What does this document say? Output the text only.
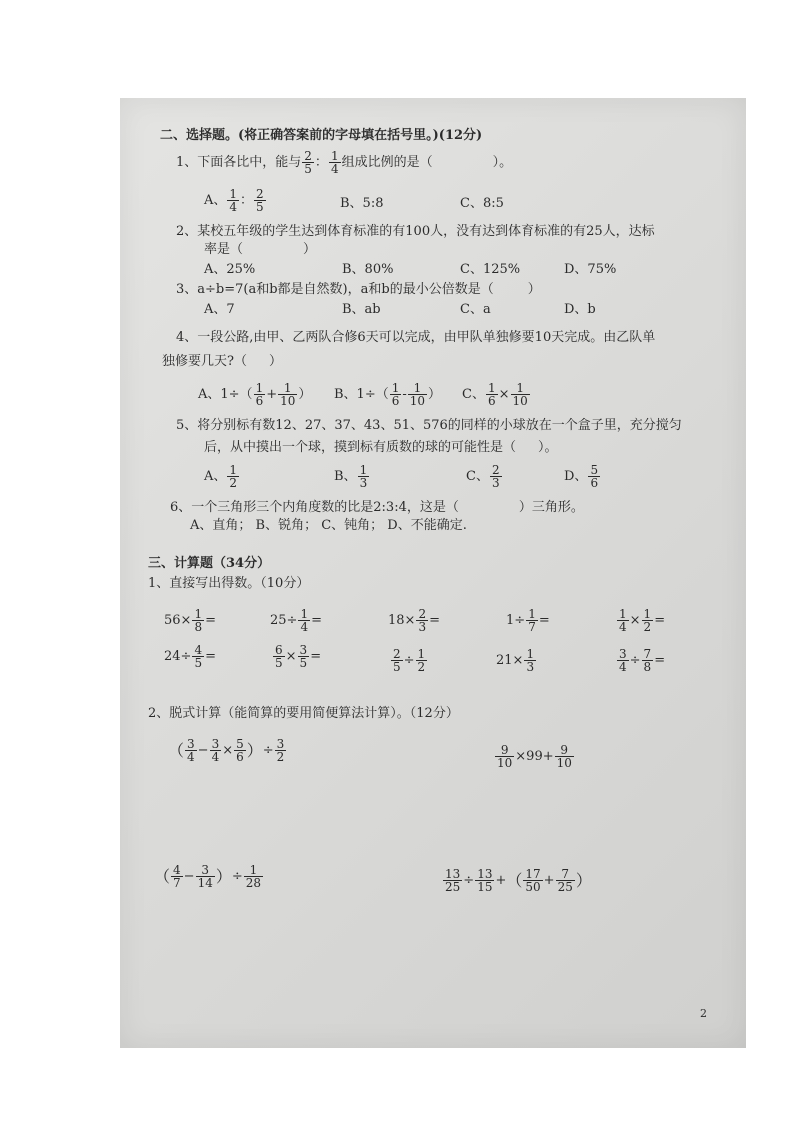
二、选择题。(将正确答案前的字母填在括号里。)(12分)
1、下面各比中，能与 $\frac{2}{5}$ ： $\frac{1}{4}$ 组成比例的是（	）。
A、 $\frac{1}{4}$ ： $\frac{2}{5}$	B、5:8	C、8:5
2、某校五年级的学生达到体育标准的有100人，没有达到体育标准的有25人，达标
率是（	）
A、25%	B、80%	C、125%	D、75%
3、a÷b=7(a和b都是自然数)，a和b的最小公倍数是（	）
A、7	B、ab	C、a	D、b
4、一段公路,由甲、乙两队合修6天可以完成，由甲队单独修要10天完成。由乙队单
独修要几天?（ ）
A、$1\div( \frac{1}{6} + \frac{1}{10}$ ） B、$1\div( \frac{1}{6} - \frac{1}{10}$ ） C、 $\frac{1}{6} \times \frac{1}{10}$
5、将分别标有数12、27、37、43、51、576的同样的小球放在一个盒子里，充分搅匀
后，从中摸出一个球，摸到标有质数的球的可能性是（ ）。
A、 $\frac{1}{2}$	B、 $\frac{1}{3}$	C、 $\frac{2}{3}$	D、 $\frac{5}{6}$
6、一个三角形三个内角度数的比是2:3:4，这是（	）三角形。
A、直角； B、锐角； C、钝角； D、不能确定.
三、计算题（34分）
1、直接写出得数。（10分）
$56\times \frac{1}{8}$ =	$25\div \frac{1}{4}$ =	$18\times \frac{2}{3}$ =	$1\div \frac{1}{7}$ =	$\frac{1}{4} \times \frac{1}{2}$ =
$24\div \frac{4}{5}$ =	$\frac{6}{5} \times \frac{3}{5}$ =	$\frac{2}{5} \div \frac{1}{2}$	$21\times \frac{1}{3}$	$\frac{3}{4} \div \frac{7}{8}$ =
2、脱式计算（能简算的要用简便算法计算）。（12分）
（ $\frac{3}{4} - \frac{3}{4} \times \frac{5}{6}$ ）÷ $\frac{3}{2}$	$\frac{9}{10} \times 99+ \frac{9}{10}$
（ $\frac{4}{7} - \frac{3}{14}$ ）÷ $\frac{1}{28}$	$\frac{13}{25} \div \frac{13}{15}$ +（ $\frac{17}{50} + \frac{7}{25}$ ）
2
